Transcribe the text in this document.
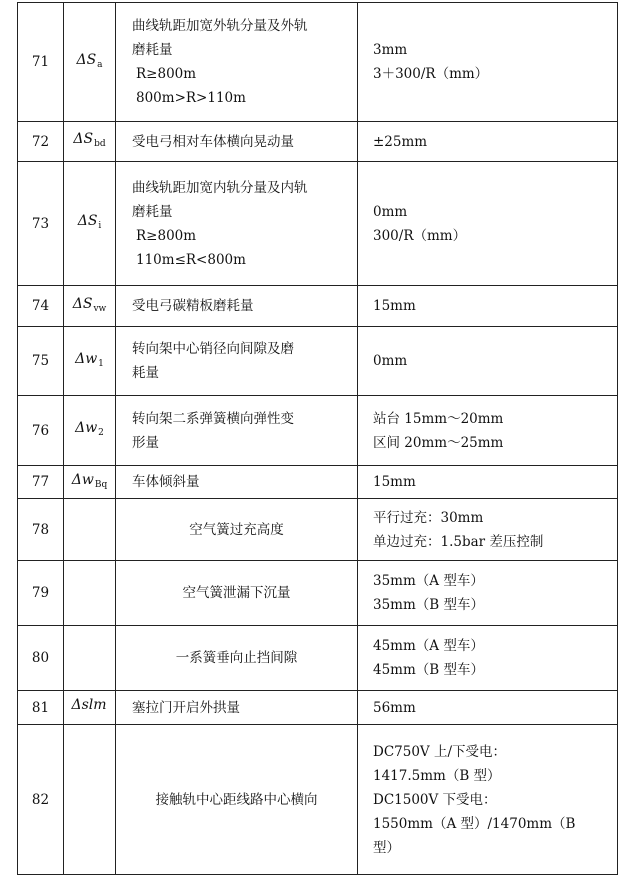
71	$\Delta S_a$	曲线轨距加宽外轨分量及外轨
磨耗量
R≥800m
800m>R>110m	3mm
3＋300/R（mm）

72	$\Delta S_{bd}$	受电弓相对车体横向晃动量	±25mm

73	$\Delta S_i$	曲线轨距加宽内轨分量及内轨
磨耗量
R≥800m
110m≤R<800m	0mm
300/R（mm）

74	$\Delta S_{vw}$	受电弓碳精板磨耗量	15mm

75	$\Delta w_1$	转向架中心销径向间隙及磨
耗量	0mm

76	$\Delta w_2$	转向架二系弹簧横向弹性变
形量	站台 15mm～20mm
区间 20mm～25mm

77	$\Delta w_{Bq}$	车体倾斜量	15mm

78		空气簧过充高度	平行过充：30mm
单边过充：1.5bar 差压控制

79		空气簧泄漏下沉量	35mm（A 型车）
35mm（B 型车）

80		一系簧垂向止挡间隙	45mm（A 型车）
45mm（B 型车）

81	Δslm	塞拉门开启外拱量	56mm

82		接触轨中心距线路中心横向	DC750V 上/下受电：
1417.5mm（B 型）
DC1500V 下受电：
1550mm（A 型）/1470mm（B
型）
